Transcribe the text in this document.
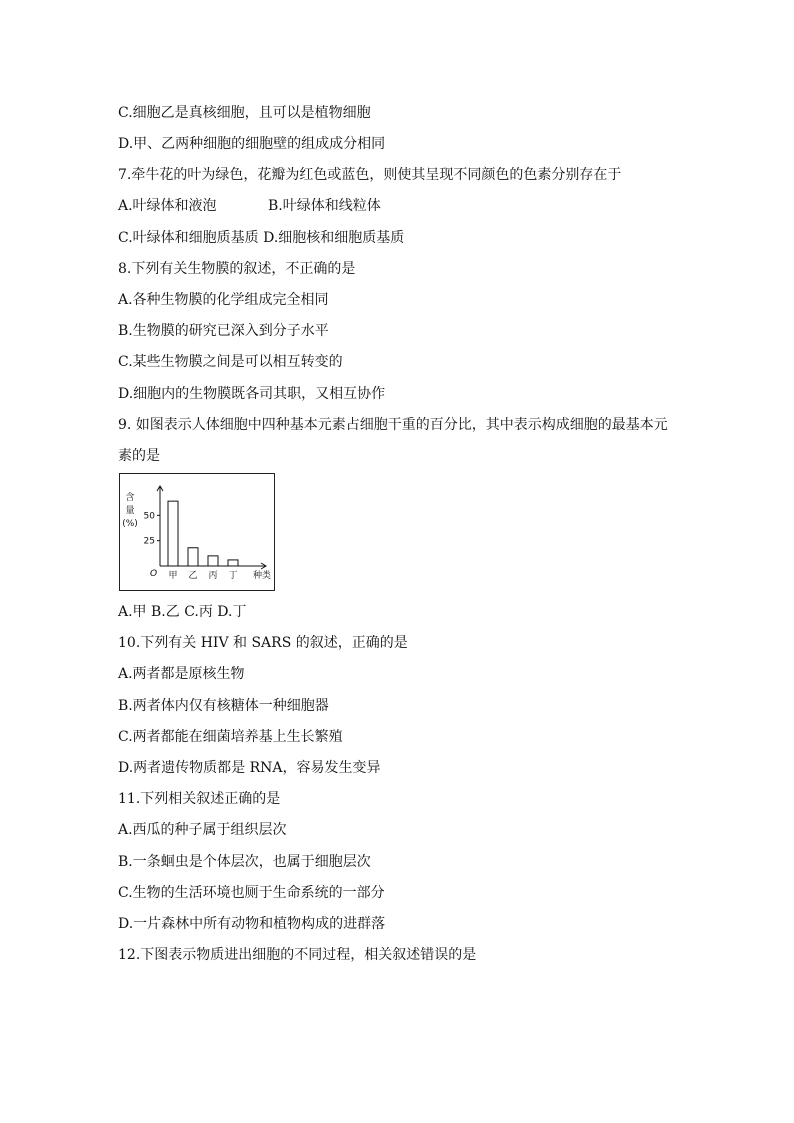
C.细胞乙是真核细胞，且可以是植物细胞
D.甲、乙两种细胞的细胞壁的组成成分相同
7.牵牛花的叶为绿色，花瓣为红色或蓝色，则使其呈现不同颜色的色素分别存在于
A.叶绿体和液泡	B.叶绿体和线粒体
C.叶绿体和细胞质基质 D.细胞核和细胞质基质
8.下列有关生物膜的叙述，不正确的是
A.各种生物膜的化学组成完全相同
B.生物膜的研究已深入到分子水平
C.某些生物膜之间是可以相互转变的
D.细胞内的生物膜既各司其职，又相互协作
9. 如图表示人体细胞中四种基本元素占细胞干重的百分比，其中表示构成细胞的最基本元
素的是
含
量
(%)
50
25
O 甲 乙 丙 丁 种类
A.甲 B.乙 C.丙 D.丁
10.下列有关 HIV 和 SARS 的叙述，正确的是
A.两者都是原核生物
B.两者体内仅有核糖体一种细胞器
C.两者都能在细菌培养基上生长繁殖
D.两者遗传物质都是 RNA，容易发生变异
11.下列相关叙述正确的是
A.西瓜的种子属于组织层次
B.一条蛔虫是个体层次，也属于细胞层次
C.生物的生活环境也厕于生命系统的一部分
D.一片森林中所有动物和植物构成的进群落
12.下图表示物质进出细胞的不同过程，相关叙述错误的是
